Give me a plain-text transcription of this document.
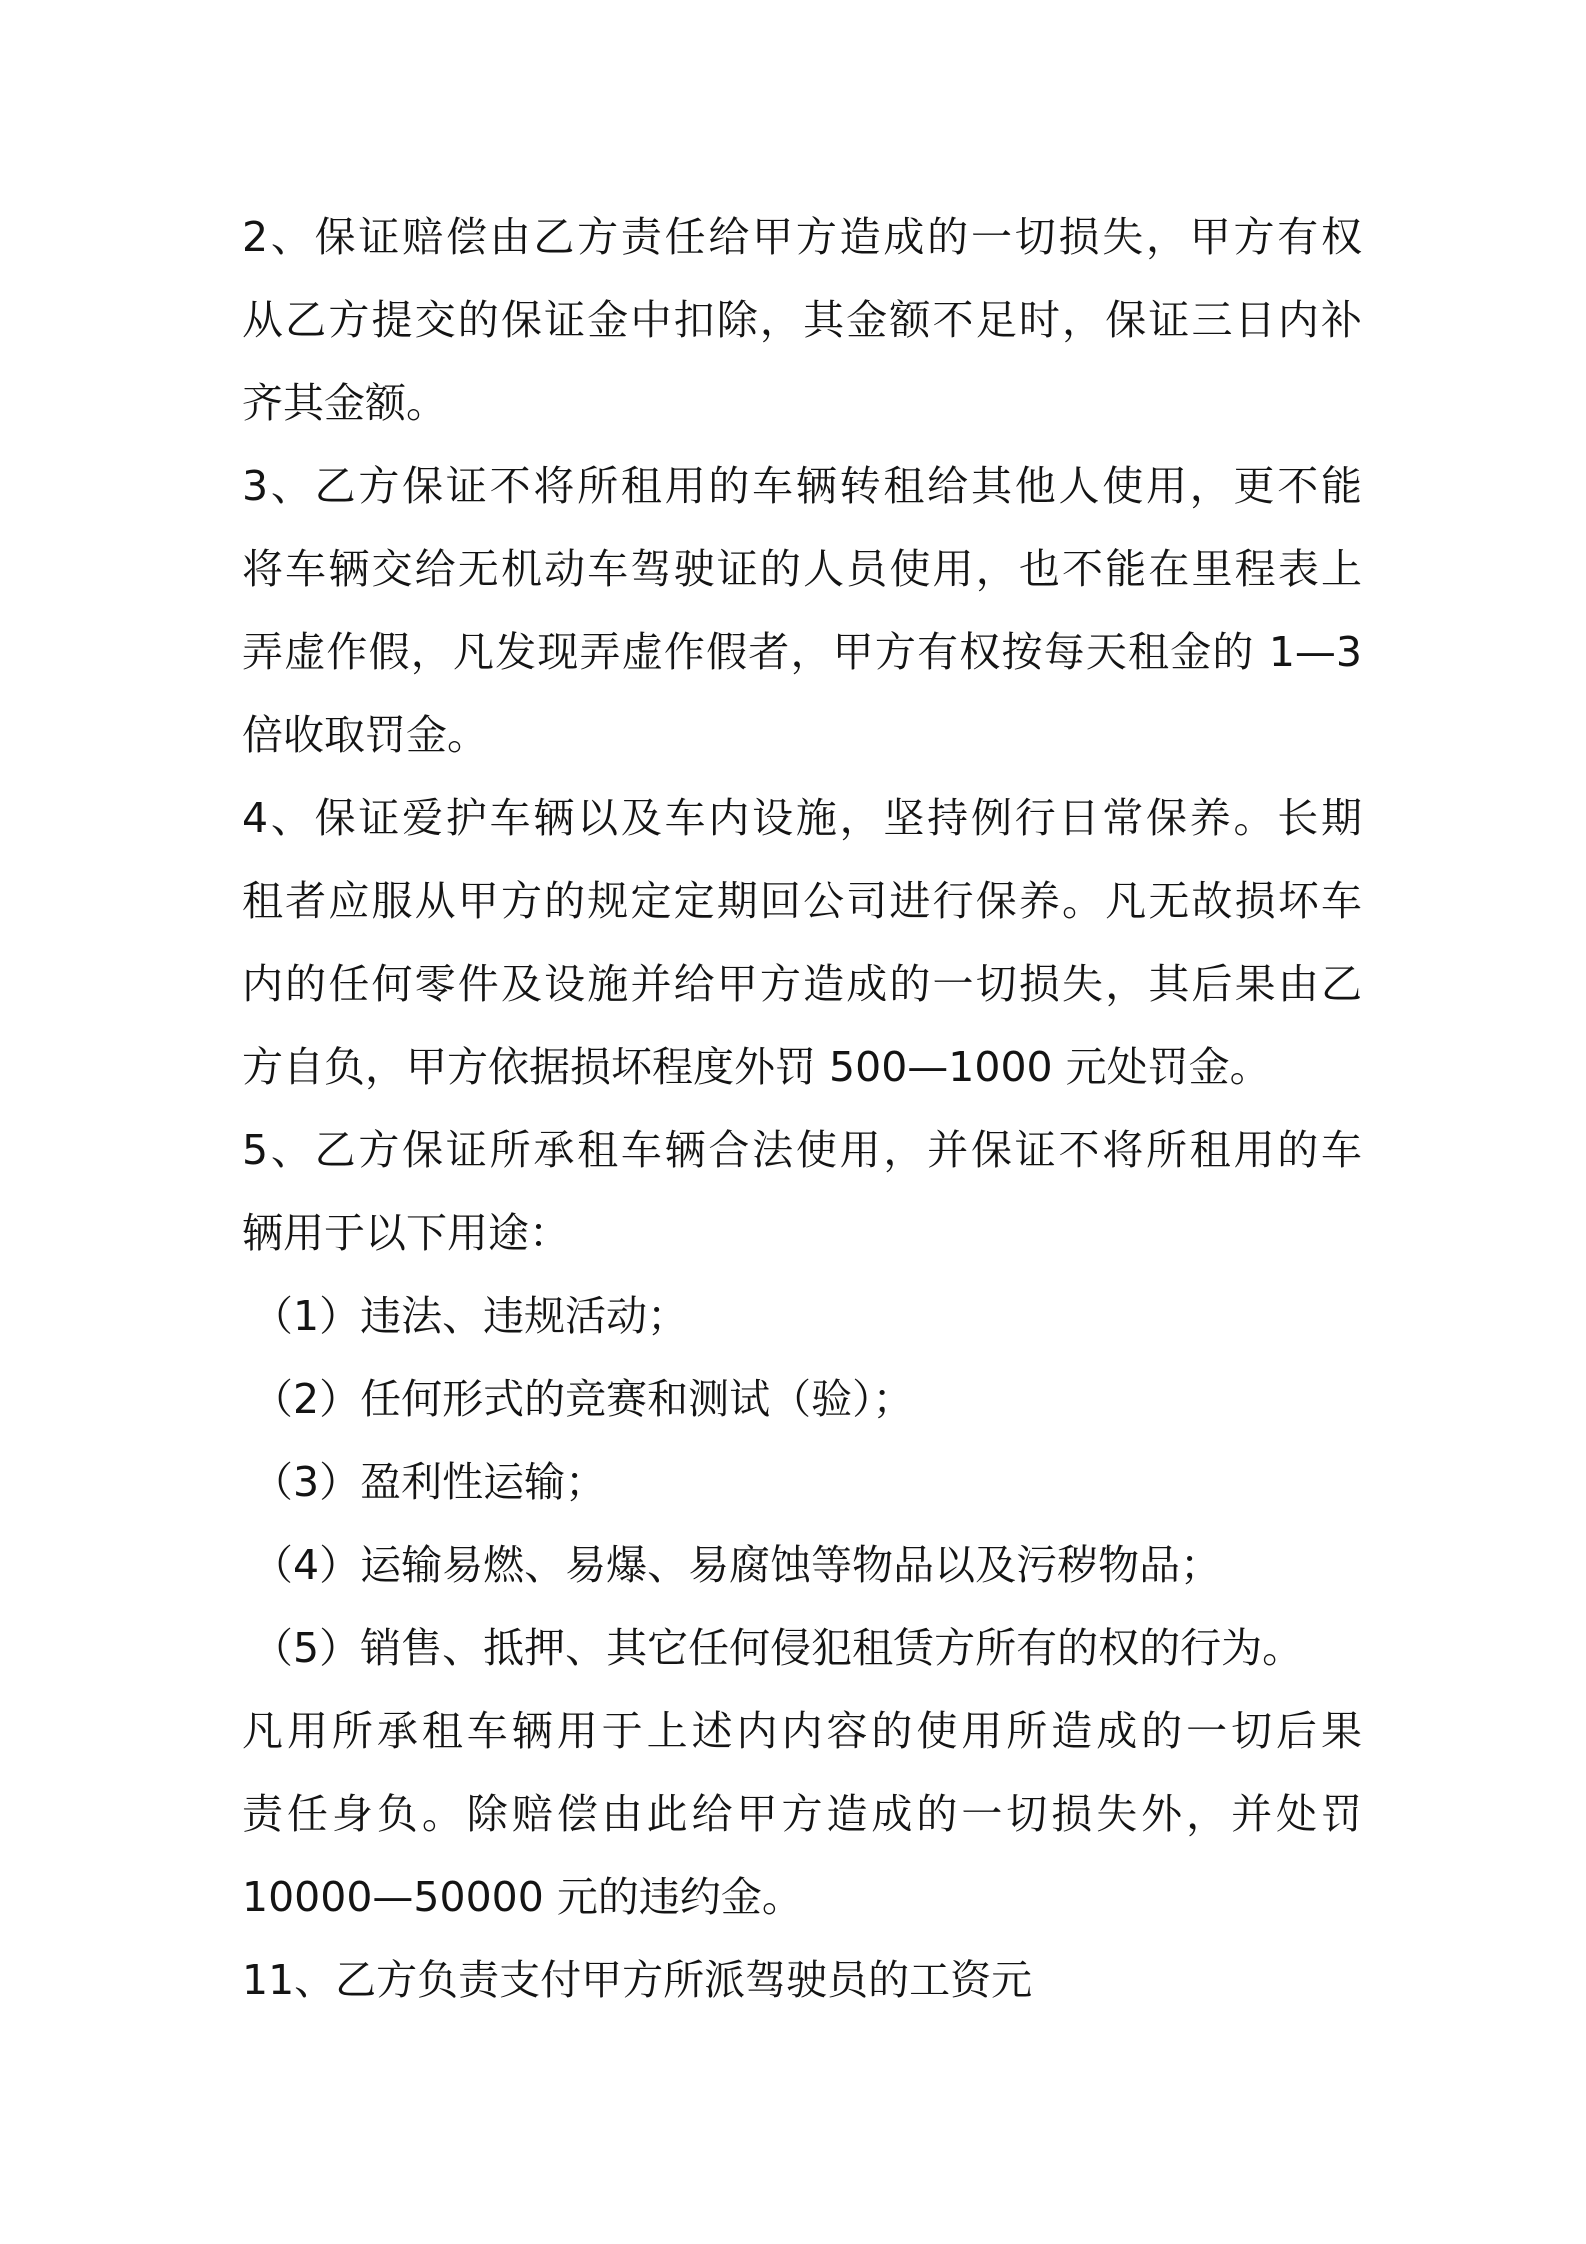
2、保证赔偿由乙方责任给甲方造成的一切损失，甲方有权

从乙方提交的保证金中扣除，其金额不足时，保证三日内补

齐其金额。

3、乙方保证不将所租用的车辆转租给其他人使用，更不能

将车辆交给无机动车驾驶证的人员使用，也不能在里程表上

弄虚作假，凡发现弄虚作假者，甲方有权按每天租金的 1—3

倍收取罚金。

4、保证爱护车辆以及车内设施，坚持例行日常保养。长期

租者应服从甲方的规定定期回公司进行保养。凡无故损坏车

内的任何零件及设施并给甲方造成的一切损失，其后果由乙

方自负，甲方依据损坏程度外罚 500—1000 元处罚金。

5、乙方保证所承租车辆合法使用，并保证不将所租用的车

辆用于以下用途：

（1）违法、违规活动；

（2）任何形式的竞赛和测试（验）；

（3）盈利性运输；

（4）运输易燃、易爆、易腐蚀等物品以及污秽物品；

（5）销售、抵押、其它任何侵犯租赁方所有的权的行为。

凡用所承租车辆用于上述内内容的使用所造成的一切后果

责任身负。除赔偿由此给甲方造成的一切损失外，并处罚

10000—50000 元的违约金。

11、乙方负责支付甲方所派驾驶员的工资元
